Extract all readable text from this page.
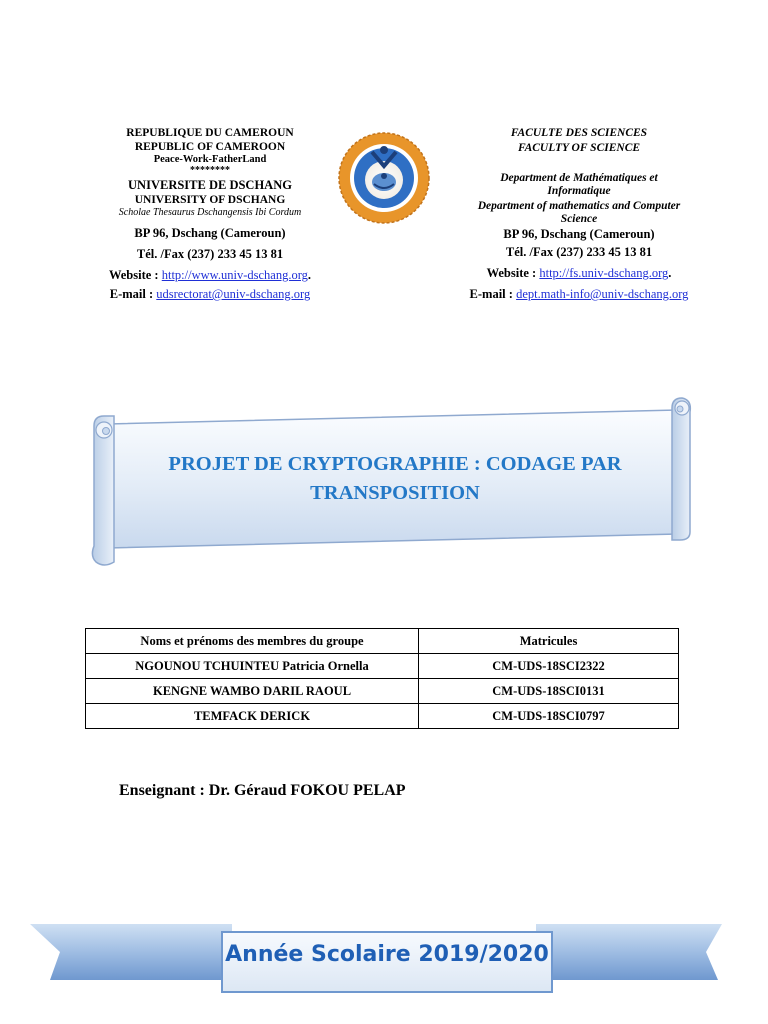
REPUBLIQUE DU CAMEROUN
REPUBLIC OF CAMEROON
Peace-Work-FatherLand
********
UNIVERSITE DE DSCHANG
UNIVERSITY OF DSCHANG
Scholae Thesaurus Dschangensis Ibi Cordum
BP 96, Dschang (Cameroun)
Tél. /Fax (237) 233 45 13 81
Website : http://www.univ-dschang.org.
E-mail : udsrectorat@univ-dschang.org
FACULTE DES SCIENCES
FACULTY OF SCIENCE
Department de Mathématiques et
Informatique
Department of mathematics and Computer
Science
BP 96, Dschang (Cameroun)
Tél. /Fax (237) 233 45 13 81
Website : http://fs.univ-dschang.org.
E-mail : dept.math-info@univ-dschang.org
PROJET DE CRYPTOGRAPHIE : CODAGE PAR
TRANSPOSITION
Noms et prénoms des membres du groupe	Matricules
NGOUNOU TCHUINTEU Patricia Ornella	CM-UDS-18SCI2322
KENGNE WAMBO DARIL RAOUL	CM-UDS-18SCI0131
TEMFACK DERICK	CM-UDS-18SCI0797
Enseignant : Dr. Géraud FOKOU PELAP
Année Scolaire 2019/2020
